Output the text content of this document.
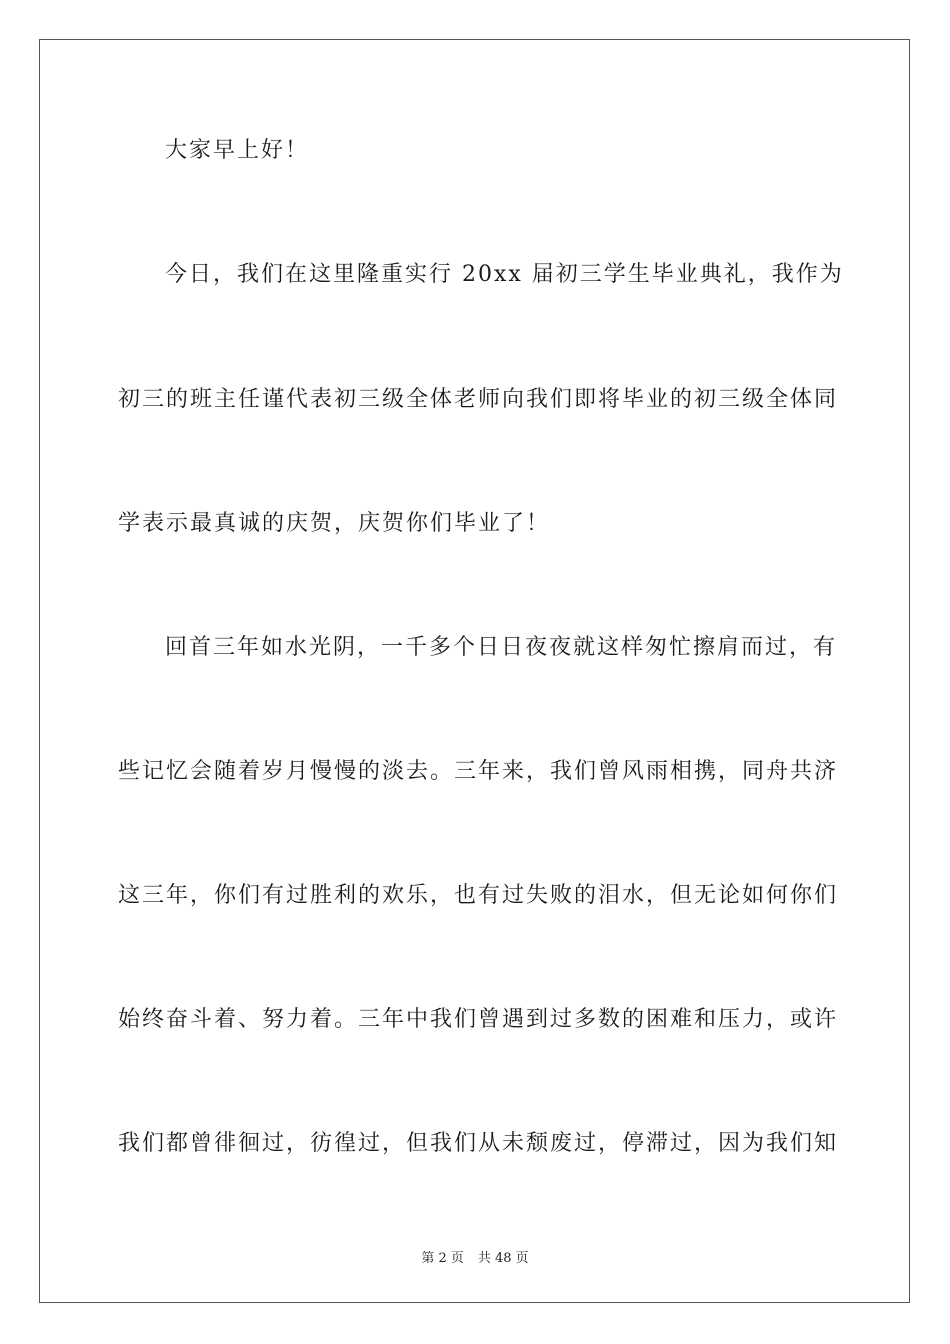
大家早上好！
今日，我们在这里隆重实行 20xx 届初三学生毕业典礼，我作为
初三的班主任谨代表初三级全体老师向我们即将毕业的初三级全体同
学表示最真诚的庆贺，庆贺你们毕业了！
回首三年如水光阴，一千多个日日夜夜就这样匆忙擦肩而过，有
些记忆会随着岁月慢慢的淡去。三年来，我们曾风雨相携，同舟共济
这三年，你们有过胜利的欢乐，也有过失败的泪水，但无论如何你们
始终奋斗着、努力着。三年中我们曾遇到过多数的困难和压力，或许
我们都曾徘徊过，彷徨过，但我们从未颓废过，停滞过，因为我们知
第 2 页 共 48 页
